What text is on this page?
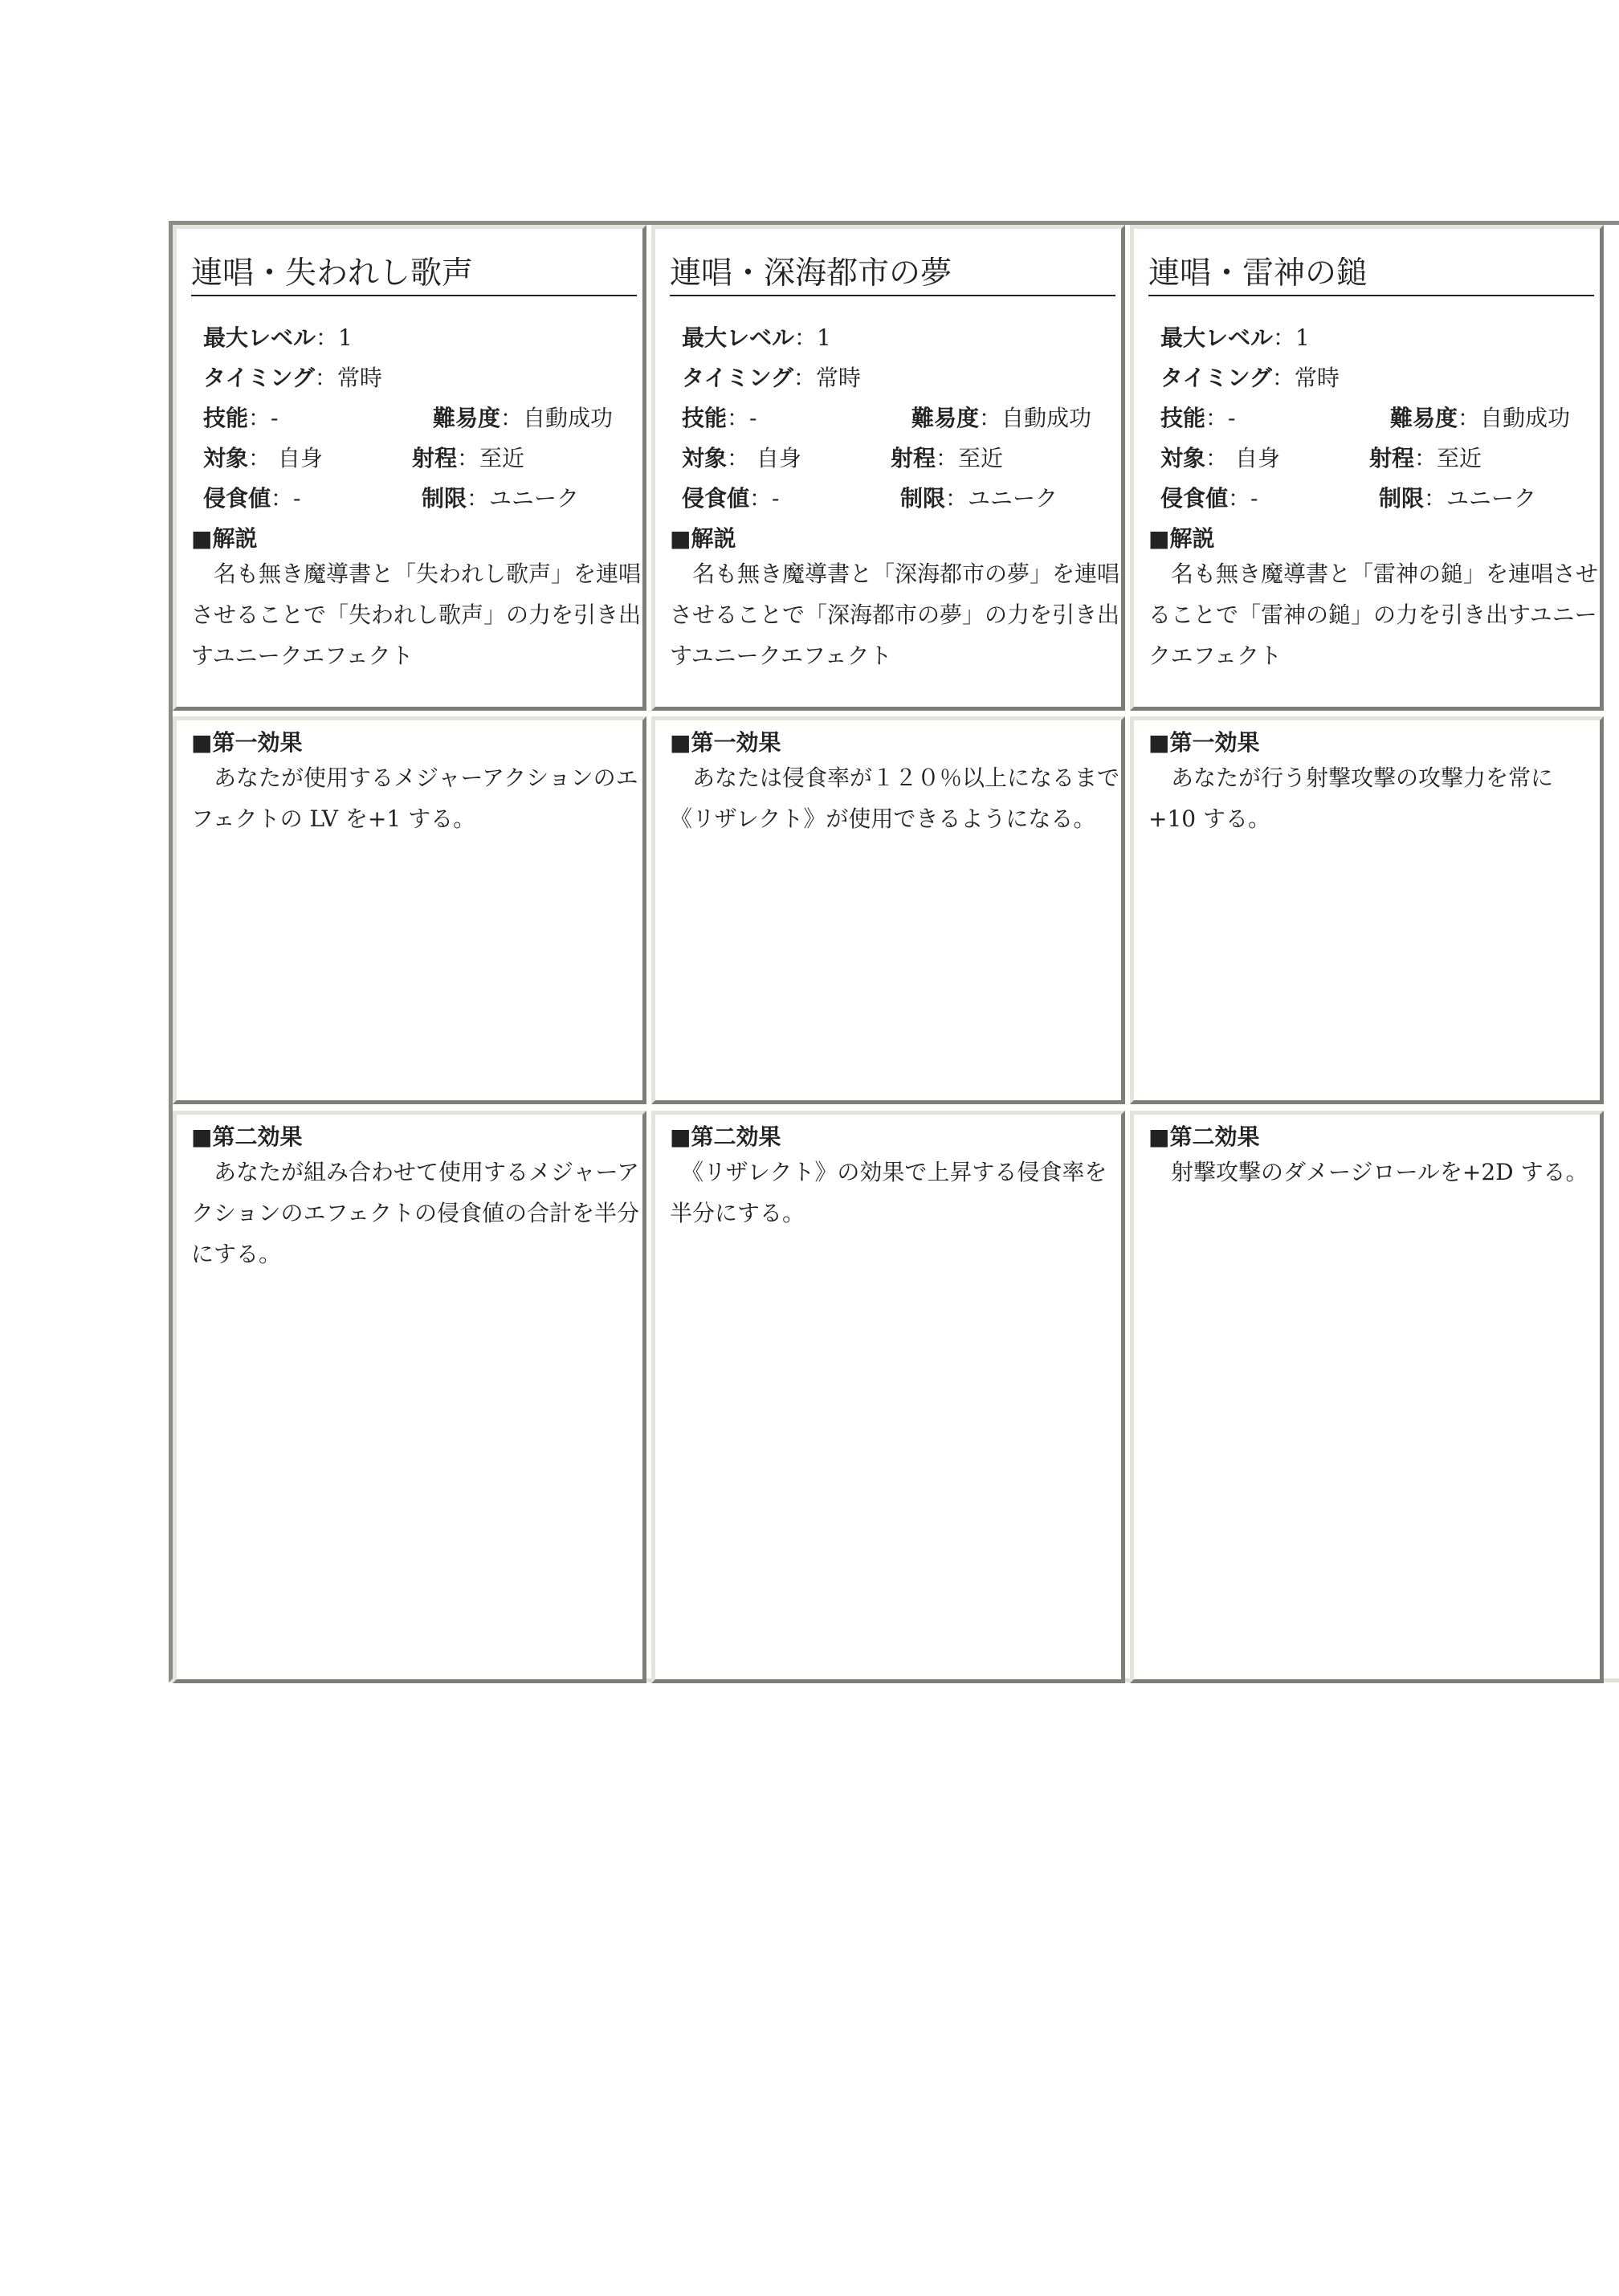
連唱・失われし歌声
最大レベル：1
タイミング：常時
技能：-	難易度：自動成功
対象： 自身	射程：至近
侵食値：-	制限：ユニーク
■解説
　名も無き魔導書と「失われし歌声」を連唱させることで「失われし歌声」の力を引き出すユニークエフェクト
■第一効果
　あなたが使用するメジャーアクションのエフェクトの LV を+1 する。
■第二効果
　あなたが組み合わせて使用するメジャーアクションのエフェクトの侵食値の合計を半分にする。
連唱・深海都市の夢
最大レベル：1
タイミング：常時
技能：-	難易度：自動成功
対象： 自身	射程：至近
侵食値：-	制限：ユニーク
■解説
　名も無き魔導書と「深海都市の夢」を連唱させることで「深海都市の夢」の力を引き出すユニークエフェクト
■第一効果
　あなたは侵食率が１２０％以上になるまで《リザレクト》が使用できるようになる。
■第二効果
　《リザレクト》の効果で上昇する侵食率を半分にする。
連唱・雷神の鎚
最大レベル：1
タイミング：常時
技能：-	難易度：自動成功
対象： 自身	射程：至近
侵食値：-	制限：ユニーク
■解説
　名も無き魔導書と「雷神の鎚」を連唱させることで「雷神の鎚」の力を引き出すユニークエフェクト
■第一効果
　あなたが行う射撃攻撃の攻撃力を常に+10 する。
■第二効果
　射撃攻撃のダメージロールを+2D する。
